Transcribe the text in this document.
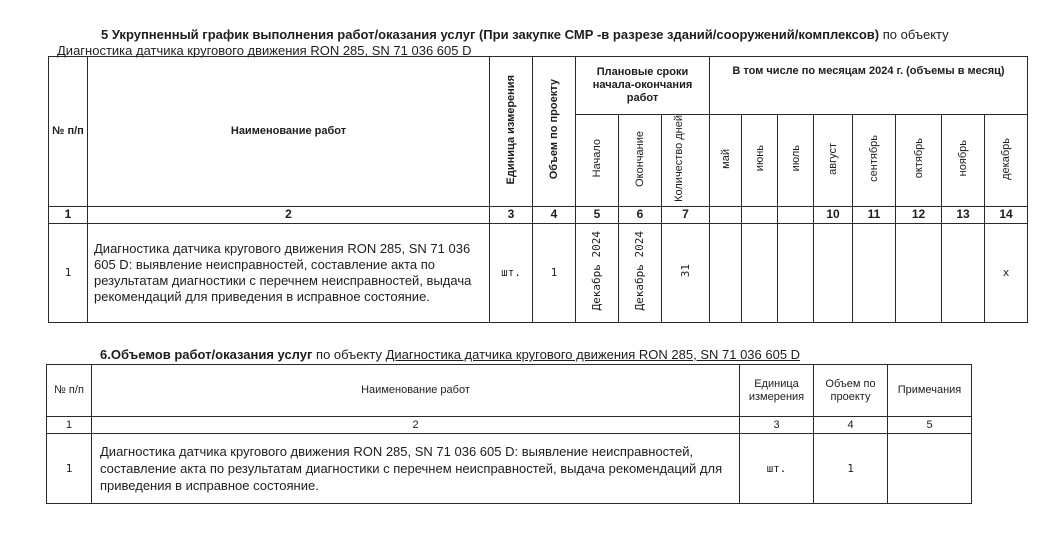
5 Укрупненный график выполнения работ/оказания услуг (При закупке СМР -в разрезе зданий/сооружений/комплексов) по объекту Диагностика датчика кругового движения RON 285, SN 71 036 605 D
№ п/п	Наименование работ	Единица измерения	Объем по проекту	Плановые сроки начала-окончания работ			В том числе по месяцам 2024 г. (объемы в месяц)							
				Начало	Окончание	Количество дней	май	июнь	июль	август	сентябрь	октябрь	ноябрь	декабрь
1	2	3	4	5	6	7				10	11	12	13	14
1	Диагностика датчика кругового движения RON 285, SN 71 036 605 D: выявление неисправностей, составление акта по результатам диагностики с перечнем неисправностей, выдача рекомендаций для приведения в исправное состояние.	шт.	1	Декабрь 2024	Декабрь 2024	31								x
6.Объемов работ/оказания услуг по объекту Диагностика датчика кругового движения RON 285, SN 71 036 605 D
№ п/п	Наименование работ	Единица измерения	Объем по проекту	Примечания
1	2	3	4	5
1	Диагностика датчика кругового движения RON 285, SN 71 036 605 D: выявление неисправностей, составление акта по результатам диагностики с перечнем неисправностей, выдача рекомендаций для приведения в исправное состояние.	шт.	1	
